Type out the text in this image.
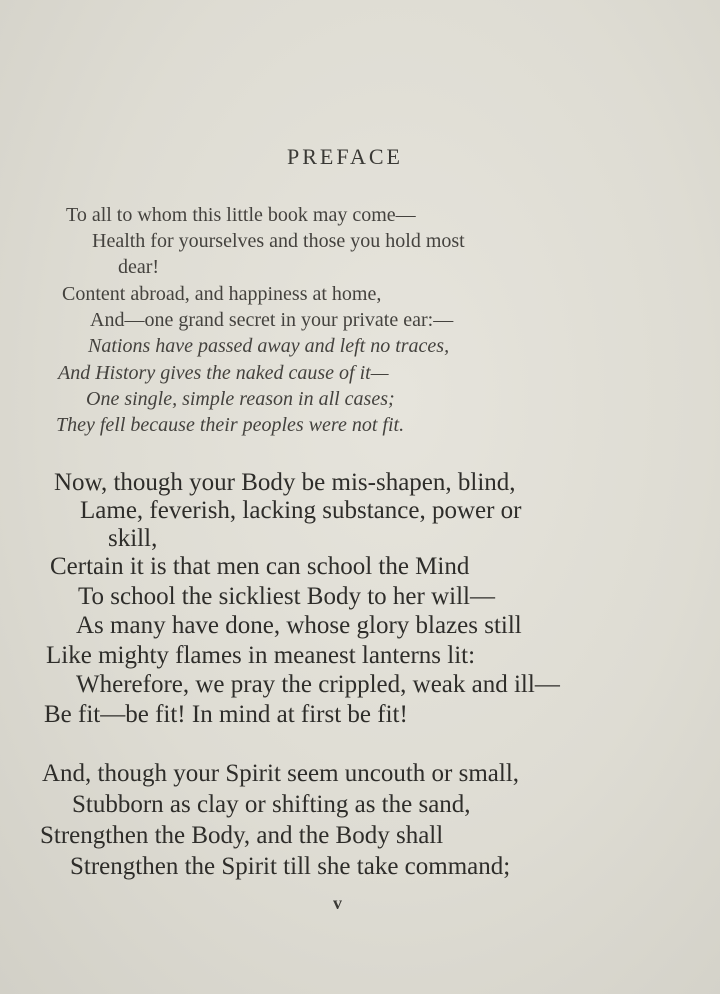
PREFACE
To all to whom this little book may come—
Health for yourselves and those you hold most
dear!
Content abroad, and happiness at home,
And—one grand secret in your private ear:—
Nations have passed away and left no traces,
And History gives the naked cause of it—
One single, simple reason in all cases;
They fell because their peoples were not fit.
Now, though your Body be mis-shapen, blind,
Lame, feverish, lacking substance, power or
skill,
Certain it is that men can school the Mind
To school the sickliest Body to her will—
As many have done, whose glory blazes still
Like mighty flames in meanest lanterns lit:
Wherefore, we pray the crippled, weak and ill—
Be fit—be fit! In mind at first be fit!
And, though your Spirit seem uncouth or small,
Stubborn as clay or shifting as the sand,
Strengthen the Body, and the Body shall
Strengthen the Spirit till she take command;
v
